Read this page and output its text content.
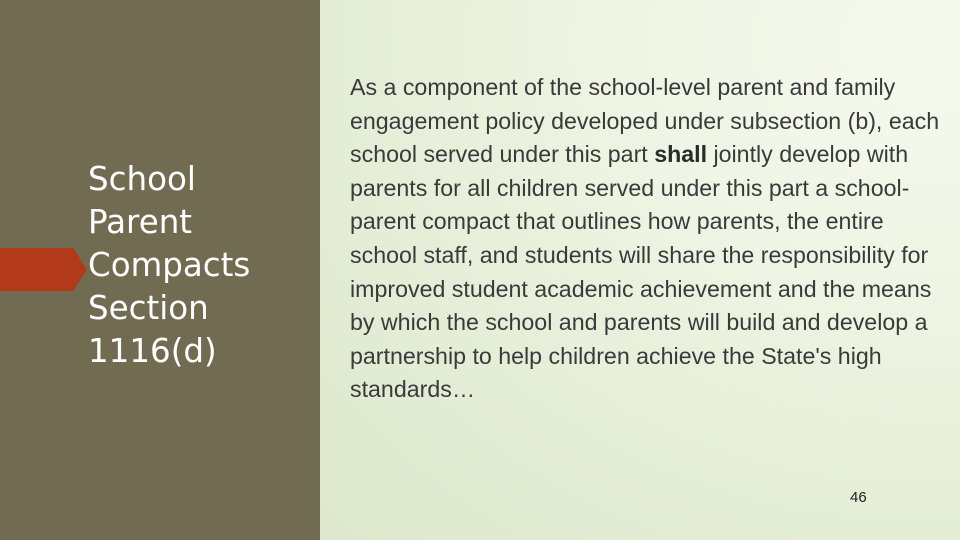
School
Parent
Compacts
Section
1116(d)

As a component of the school-level parent and family engagement policy developed under subsection (b), each school served under this part shall jointly develop with parents for all children served under this part a school-parent compact that outlines how parents, the entire school staff, and students will share the responsibility for improved student academic achievement and the means by which the school and parents will build and develop a partnership to help children achieve the State's high standards…

46
